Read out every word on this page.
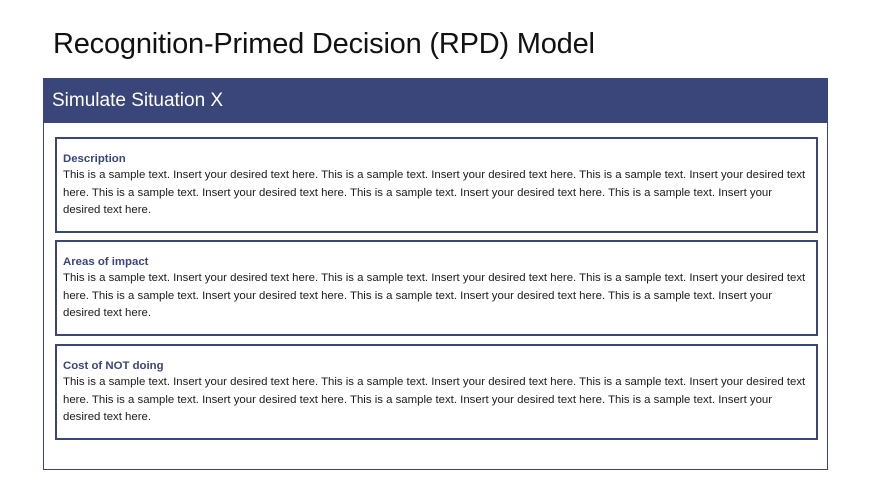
Recognition-Primed Decision (RPD) Model
Simulate Situation X
Description
This is a sample text. Insert your desired text here. This is a sample text. Insert your desired text here. This is a sample text. Insert your desired text here. This is a sample text. Insert your desired text here. This is a sample text. Insert your desired text here. This is a sample text. Insert your desired text here.
Areas of impact
This is a sample text. Insert your desired text here. This is a sample text. Insert your desired text here. This is a sample text. Insert your desired text here. This is a sample text. Insert your desired text here. This is a sample text. Insert your desired text here. This is a sample text. Insert your desired text here.
Cost of NOT doing
This is a sample text. Insert your desired text here. This is a sample text. Insert your desired text here. This is a sample text. Insert your desired text here. This is a sample text. Insert your desired text here. This is a sample text. Insert your desired text here. This is a sample text. Insert your desired text here.
